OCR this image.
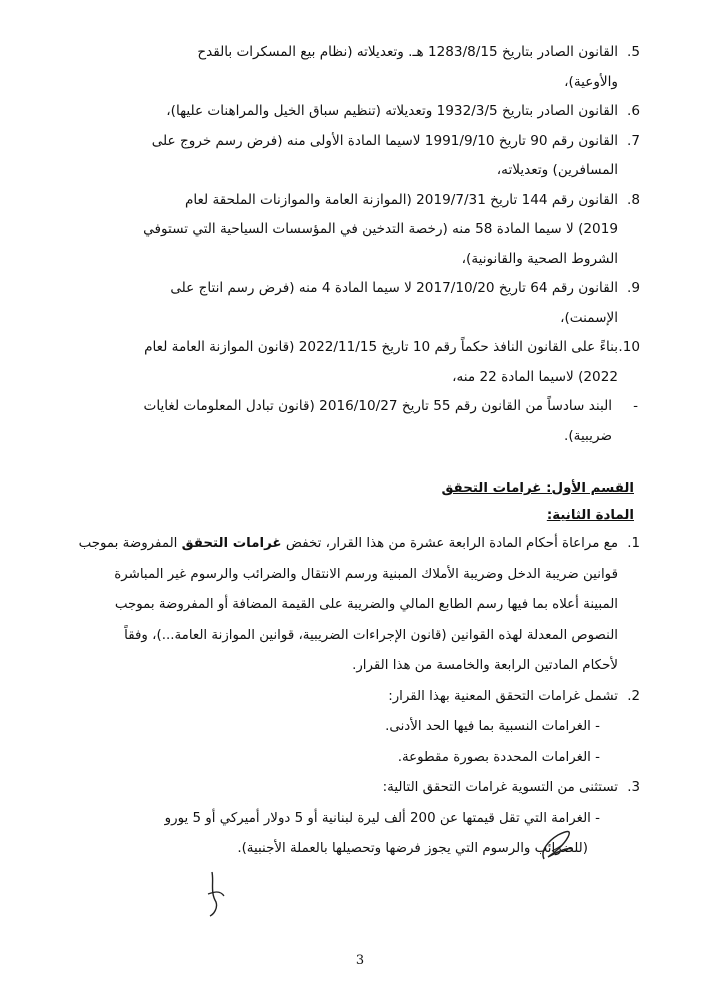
5.
القانون الصادر بتاريخ 1283/8/15 هـ. وتعديلاته (نظام بيع المسكرات بالقدح
والأوعية)،
6.
القانون الصادر بتاريخ 1932/3/5 وتعديلاته (تنظيم سباق الخيل والمراهنات عليها)،
7.
القانون رقم 90 تاريخ 1991/9/10 لاسيما المادة الأولى منه (فرض رسم خروج على
المسافرين) وتعديلاته،
8.
القانون رقم 144 تاريخ 2019/7/31 (الموازنة العامة والموازنات الملحقة لعام
2019) لا سيما المادة 58 منه (رخصة التدخين في المؤسسات السياحية التي تستوفي
الشروط الصحية والقانونية)،
9.
القانون رقم 64 تاريخ 2017/10/20 لا سيما المادة 4 منه (فرض رسم انتاج على
الإسمنت)،
10.
بناءً على القانون النافذ حكماً رقم 10 تاريخ 2022/11/15 (قانون الموازنة العامة لعام
2022) لاسيما المادة 22 منه،
-
البند سادساً من القانون رقم 55 تاريخ 2016/10/27 (قانون تبادل المعلومات لغايات
ضريبية).
القسم الأول: غرامات التحقق
المادة الثانية:
1.
مع مراعاة أحكام المادة الرابعة عشرة من هذا القرار، تخفض غرامات التحقق المفروضة بموجب
قوانين ضريبة الدخل وضريبة الأملاك المبنية ورسم الانتقال والضرائب والرسوم غير المباشرة
المبينة أعلاه بما فيها رسم الطابع المالي والضريبة على القيمة المضافة أو المفروضة بموجب
النصوص المعدلة لهذه القوانين (قانون الإجراءات الضريبية، قوانين الموازنة العامة...)، وفقاً
لأحكام المادتين الرابعة والخامسة من هذا القرار.
2.
تشمل غرامات التحقق المعنية بهذا القرار:
- الغرامات النسبية بما فيها الحد الأدنى.
- الغرامات المحددة بصورة مقطوعة.
3.
تستثنى من التسوية غرامات التحقق التالية:
- الغرامة التي تقل قيمتها عن 200 ألف ليرة لبنانية أو 5 دولار أميركي أو 5 يورو
(للضرائب والرسوم التي يجوز فرضها وتحصيلها بالعملة الأجنبية).
3
